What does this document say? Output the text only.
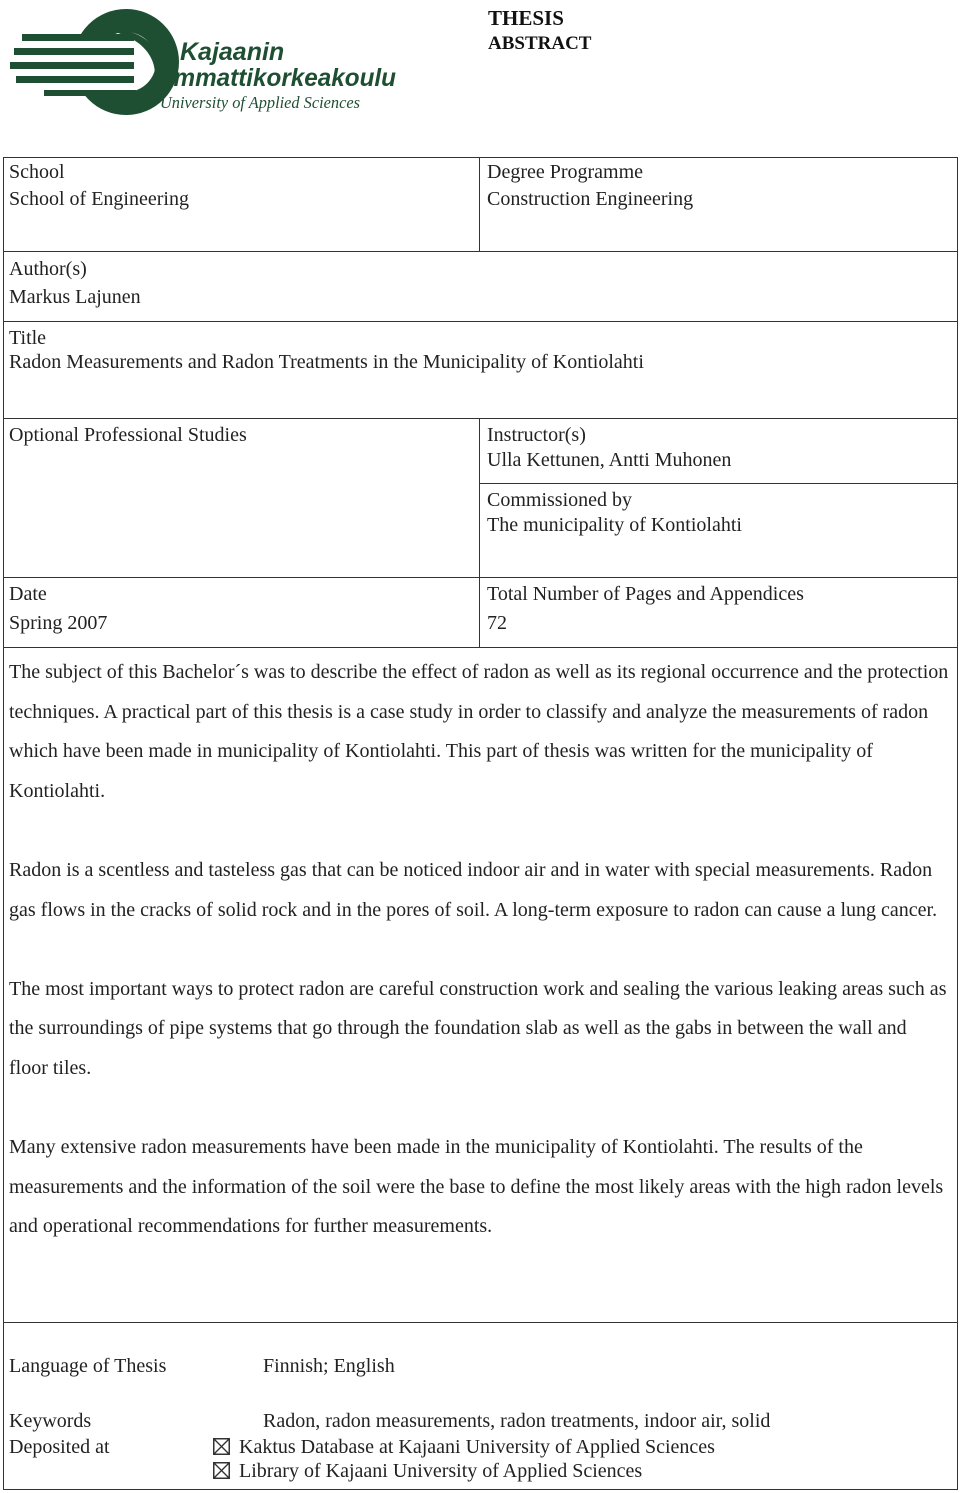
Kajaanin
ammattikorkeakoulu
University of Applied Sciences
THESIS
ABSTRACT
School
School of Engineering
Degree Programme
Construction Engineering
Author(s)
Markus Lajunen
Title
Radon Measurements and Radon Treatments in the Municipality of Kontiolahti
Optional Professional Studies	Instructor(s)
Ulla Kettunen, Antti Muhonen
Commissioned by
The municipality of Kontiolahti
Date
Spring 2007
Total Number of Pages and Appendices
72

The subject of this Bachelor´s was to describe the effect of radon as well as its regional occurrence and the protection techniques. A practical part of this thesis is a case study in order to classify and analyze the measurements of radon which have been made in municipality of Kontiolahti. This part of thesis was written for the municipality of Kontiolahti.

Radon is a scentless and tasteless gas that can be noticed indoor air and in water with special measurements. Radon gas flows in the cracks of solid rock and in the pores of soil. A long-term exposure to radon can cause a lung cancer.

The most important ways to protect radon are careful construction work and sealing the various leaking areas such as the surroundings of pipe systems that go through the foundation slab as well as the gabs in between the wall and floor tiles.

Many extensive radon measurements have been made in the municipality of Kontiolahti. The results of the measurements and the information of the soil were the base to define the most likely areas with the high radon levels and operational recommendations for further measurements.

Language of Thesis	Finnish; English
Keywords	Radon, radon measurements, radon treatments, indoor air, solid
Deposited at	Kaktus Database at Kajaani University of Applied Sciences
Library of Kajaani University of Applied Sciences
